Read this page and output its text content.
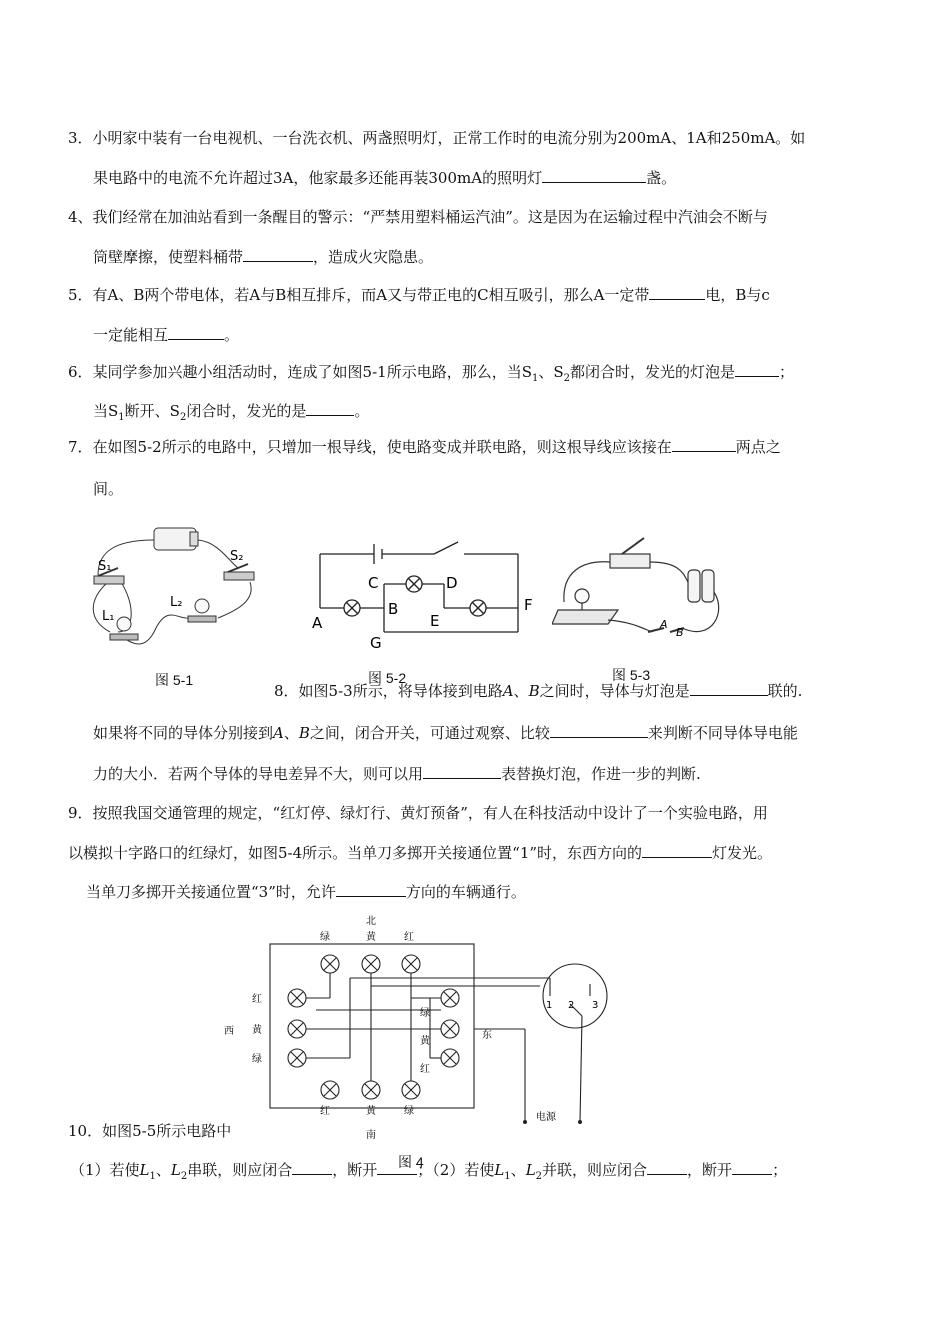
3．小明家中装有一台电视机、一台洗衣机、两盏照明灯，正常工作时的电流分别为200mA、1A和250mA。如
果电路中的电流不允许超过3A，他家最多还能再装300mA的照明灯	盏。
4、我们经常在加油站看到一条醒目的警示：“严禁用塑料桶运汽油”。这是因为在运输过程中汽油会不断与
筒壁摩擦，使塑料桶带	，造成火灾隐患。
5．有A、B两个带电体，若A与B相互排斥，而A又与带正电的C相互吸引，那么A一定带	电，B与c
一定能相互	。
6．某同学参加兴趣小组活动时，连成了如图5-1所示电路，那么，当$S_1$、$S_2$都闭合时，发光的灯泡是	；
当$S_1$断开、$S_2$闭合时，发光的是	。
7．在如图5-2所示的电路中，只增加一根导线，使电路变成并联电路，则这根导线应该接在	两点之
间。
S₁
S₂
L₁
L₂
图 5-1
A
B
C	D
E
F
G
图 5-2
A
B
图 5-3
8．如图5-3所示，将导体接到电路A、B之间时，导体与灯泡是	联的.
如果将不同的导体分别接到A、B之间，闭合开关，可通过观察、比较	来判断不同导体导电能
力的大小．若两个导体的导电差异不大，则可以用	表替换灯泡，作进一步的判断.
9．按照我国交通管理的规定，“红灯停、绿灯行、黄灯预备”，有人在科技活动中设计了一个实验电路，用
以模拟十字路口的红绿灯，如图5-4所示。当单刀多掷开关接通位置“1”时，东西方向的	灯发光。
当单刀多掷开关接通位置“3”时，允许	方向的车辆通行。
北
南
西	东
绿	黄	红
红	黄	绿
红
黄
绿
绿
黄
红
电源
1 2 3
10．如图5-5所示电路中
图 4
（1）若使$L_1$、$L_2$串联，则应闭合	，断开	；（2）若使$L_1$、$L_2$并联，则应闭合	，断开	；
